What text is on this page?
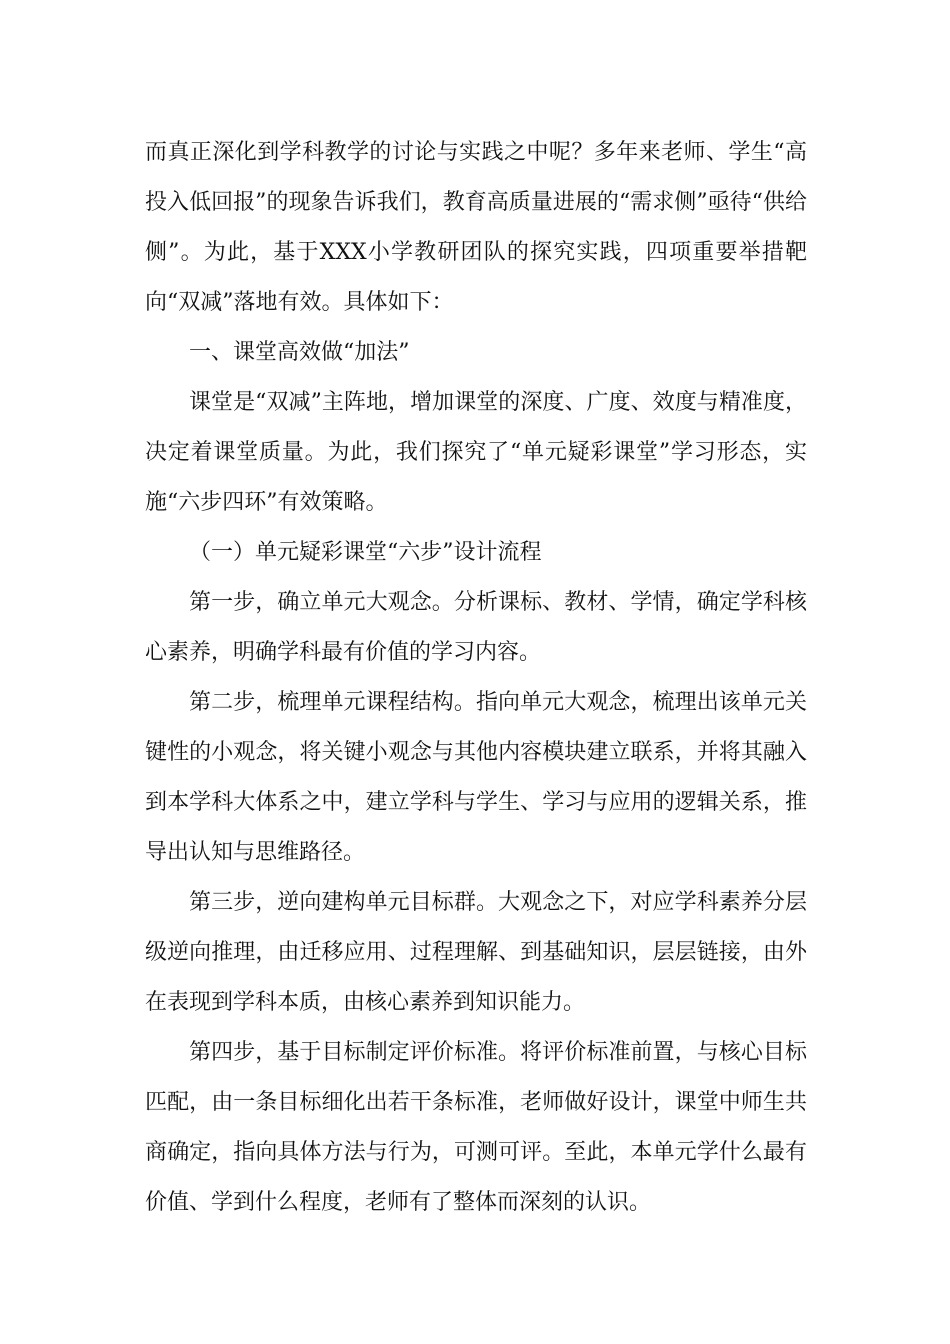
而真正深化到学科教学的讨论与实践之中呢？多年来老师、学生“高投入低回报”的现象告诉我们，教育高质量进展的“需求侧”亟待“供给侧”。为此，基于XXX小学教研团队的探究实践，四项重要举措靶向“双减”落地有效。具体如下：

一、课堂高效做“加法”

课堂是“双减”主阵地，增加课堂的深度、广度、效度与精准度，决定着课堂质量。为此，我们探究了“单元疑彩课堂”学习形态，实施“六步四环”有效策略。

（一）单元疑彩课堂“六步”设计流程

第一步，确立单元大观念。分析课标、教材、学情，确定学科核心素养，明确学科最有价值的学习内容。

第二步，梳理单元课程结构。指向单元大观念，梳理出该单元关键性的小观念，将关键小观念与其他内容模块建立联系，并将其融入到本学科大体系之中，建立学科与学生、学习与应用的逻辑关系，推导出认知与思维路径。

第三步，逆向建构单元目标群。大观念之下，对应学科素养分层级逆向推理，由迁移应用、过程理解、到基础知识，层层链接，由外在表现到学科本质，由核心素养到知识能力。

第四步，基于目标制定评价标准。将评价标准前置，与核心目标匹配，由一条目标细化出若干条标准，老师做好设计，课堂中师生共商确定，指向具体方法与行为，可测可评。至此，本单元学什么最有价值、学到什么程度，老师有了整体而深刻的认识。
